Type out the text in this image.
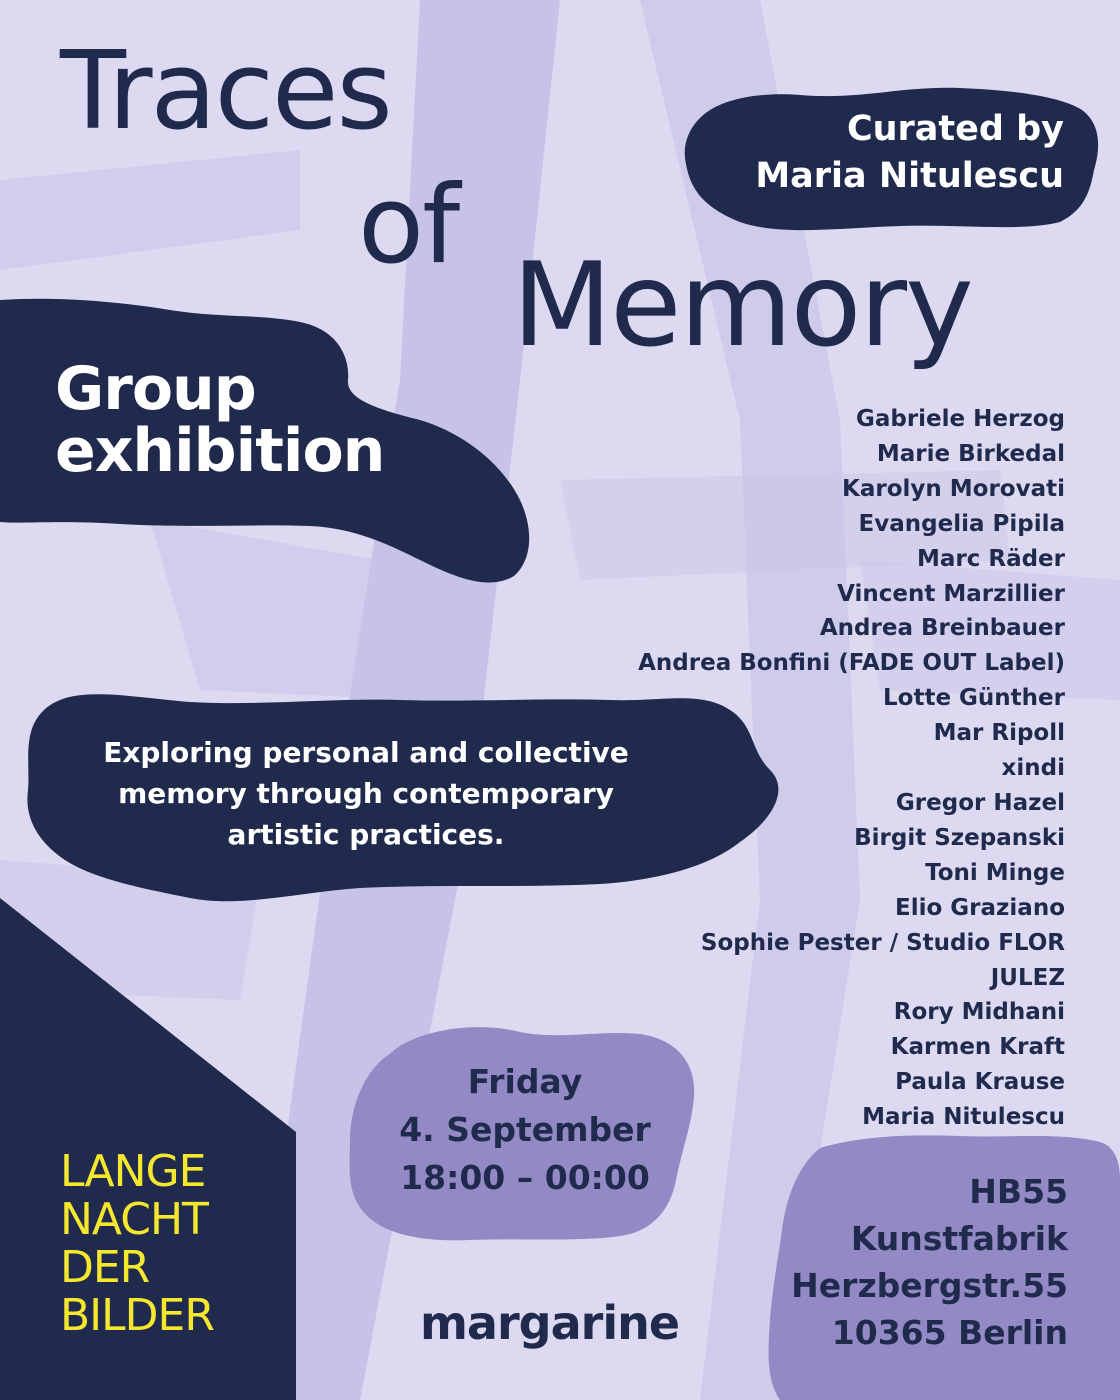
Traces
of
Memory
Curated by
Maria Nitulescu
Group
exhibition	Gabriele Herzog
Marie Birkedal
Karolyn Morovati
Evangelia Pipila
Marc Räder
Vincent Marzillier
Andrea Breinbauer
Andrea Bonfini (FADE OUT Label)
Lotte Günther
Mar Ripoll
xindi
Gregor Hazel
Birgit Szepanski
Toni Minge
Elio Graziano
Sophie Pester / Studio FLOR
JULEZ
Rory Midhani
Karmen Kraft
Paula Krause
Maria Nitulescu
Exploring personal and collective
memory through contemporary
artistic practices.
Friday
4. September
18:00 – 00:00
LANGE
NACHT
DER
BILDER	margarine
HB55
Kunstfabrik
Herzbergstr.55
10365 Berlin
